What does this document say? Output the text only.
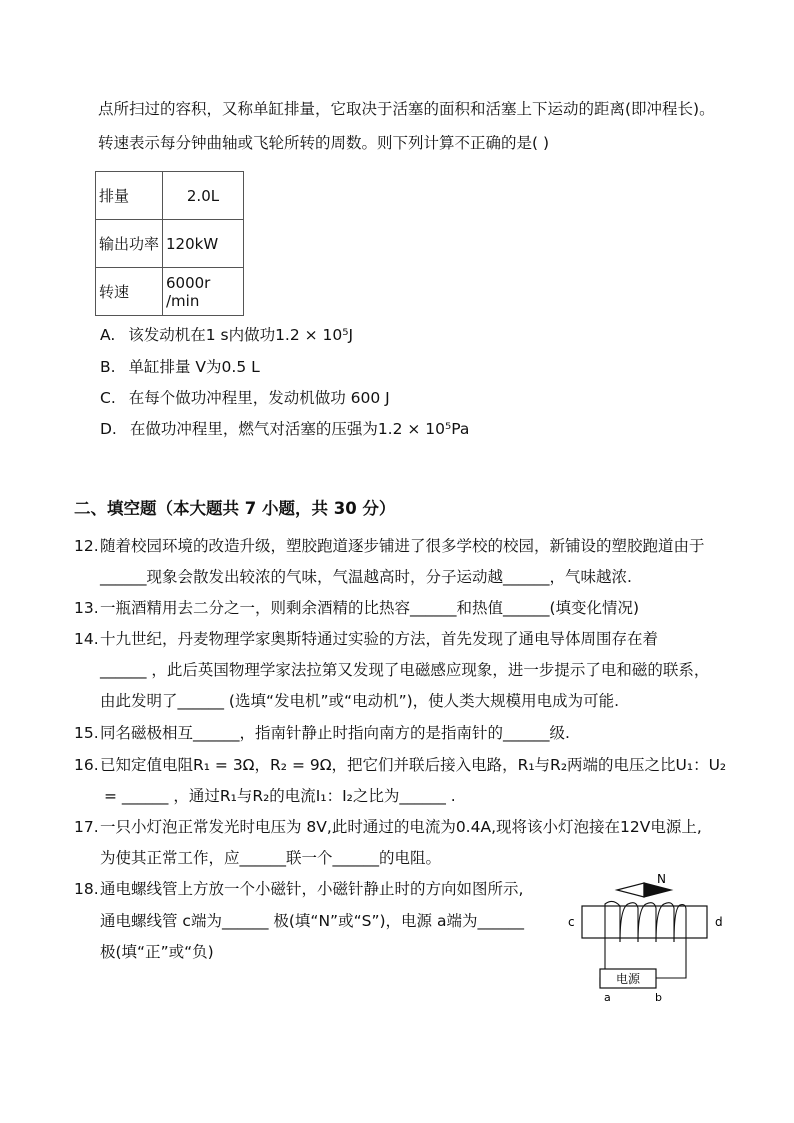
点所扫过的容积，又称单缸排量，它取决于活塞的面积和活塞上下运动的距离(即冲程长)。
转速表示每分钟曲轴或飞轮所转的周数。则下列计算不正确的是( )
排量	2.0L
输出功率	120kW
转速	6000r /min
A. 该发动机在1 s内做功1.2 × 10⁵J
B. 单缸排量 V为0.5 L
C. 在每个做功冲程里，发动机做功 600 J
D. 在做功冲程里，燃气对活塞的压强为1.2 × 10⁵Pa
二、填空题（本大题共 7 小题，共 30 分）
12. 随着校园环境的改造升级，塑胶跑道逐步铺进了很多学校的校园，新铺设的塑胶跑道由于
______现象会散发出较浓的气味，气温越高时，分子运动越______，气味越浓.
13. 一瓶酒精用去二分之一，则剩余酒精的比热容______和热值______(填变化情况)
14. 十九世纪，丹麦物理学家奥斯特通过实验的方法，首先发现了通电导体周围存在着
______ ，此后英国物理学家法拉第又发现了电磁感应现象，进一步提示了电和磁的联系，
由此发明了______ (选填“发电机”或“电动机”)，使人类大规模用电成为可能.
15. 同名磁极相互______，指南针静止时指向南方的是指南针的______级.
16. 已知定值电阻R₁ = 3Ω，R₂ = 9Ω，把它们并联后接入电路，R₁与R₂两端的电压之比U₁：U₂
= ______ ，通过R₁与R₂的电流I₁：I₂之比为______ .
17. 一只小灯泡正常发光时电压为 8V,此时通过的电流为0.4A,现将该小灯泡接在12V电源上,
为使其正常工作，应______联一个______的电阻。
18. 通电螺线管上方放一个小磁针，小磁针静止时的方向如图所示,
通电螺线管 c端为______ 极(填“N”或“S”)，电源 a端为______
极(填“正”或“负)
N
c	d
电源
a	b
